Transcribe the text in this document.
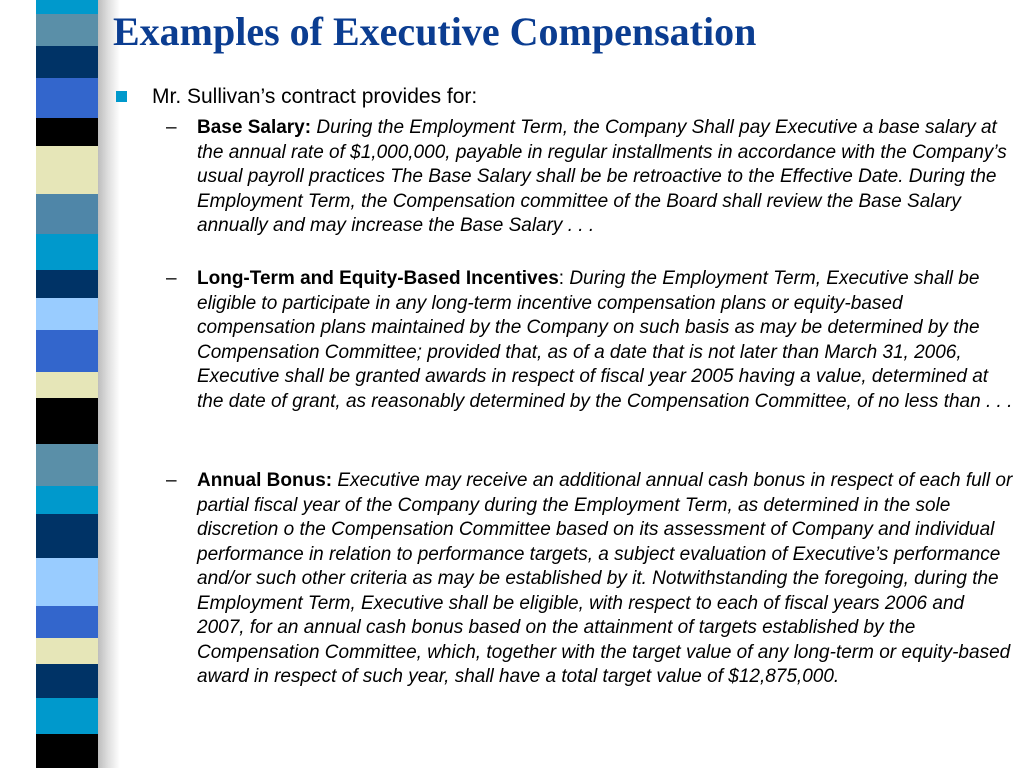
Examples of Executive Compensation
Mr. Sullivan’s contract provides for:
– Base Salary: During the Employment Term, the Company Shall pay Executive a base salary at the annual rate of $1,000,000, payable in regular installments in accordance with the Company’s usual payroll practices The Base Salary shall be be retroactive to the Effective Date. During the Employment Term, the Compensation committee of the Board shall review the Base Salary annually and may increase the Base Salary . . .
– Long-Term and Equity-Based Incentives: During the Employment Term, Executive shall be eligible to participate in any long-term incentive compensation plans or equity-based compensation plans maintained by the Company on such basis as may be determined by the Compensation Committee; provided that, as of a date that is not later than March 31, 2006, Executive shall be granted awards in respect of fiscal year 2005 having a value, determined at the date of grant, as reasonably determined by the Compensation Committee, of no less than . . .
– Annual Bonus: Executive may receive an additional annual cash bonus in respect of each full or partial fiscal year of the Company during the Employment Term, as determined in the sole discretion o the Compensation Committee based on its assessment of Company and individual performance in relation to performance targets, a subject evaluation of Executive’s performance and/or such other criteria as may be established by it. Notwithstanding the foregoing, during the Employment Term, Executive shall be eligible, with respect to each of fiscal years 2006 and 2007, for an annual cash bonus based on the attainment of targets established by the Compensation Committee, which, together with the target value of any long-term or equity-based award in respect of such year, shall have a total target value of $12,875,000.
